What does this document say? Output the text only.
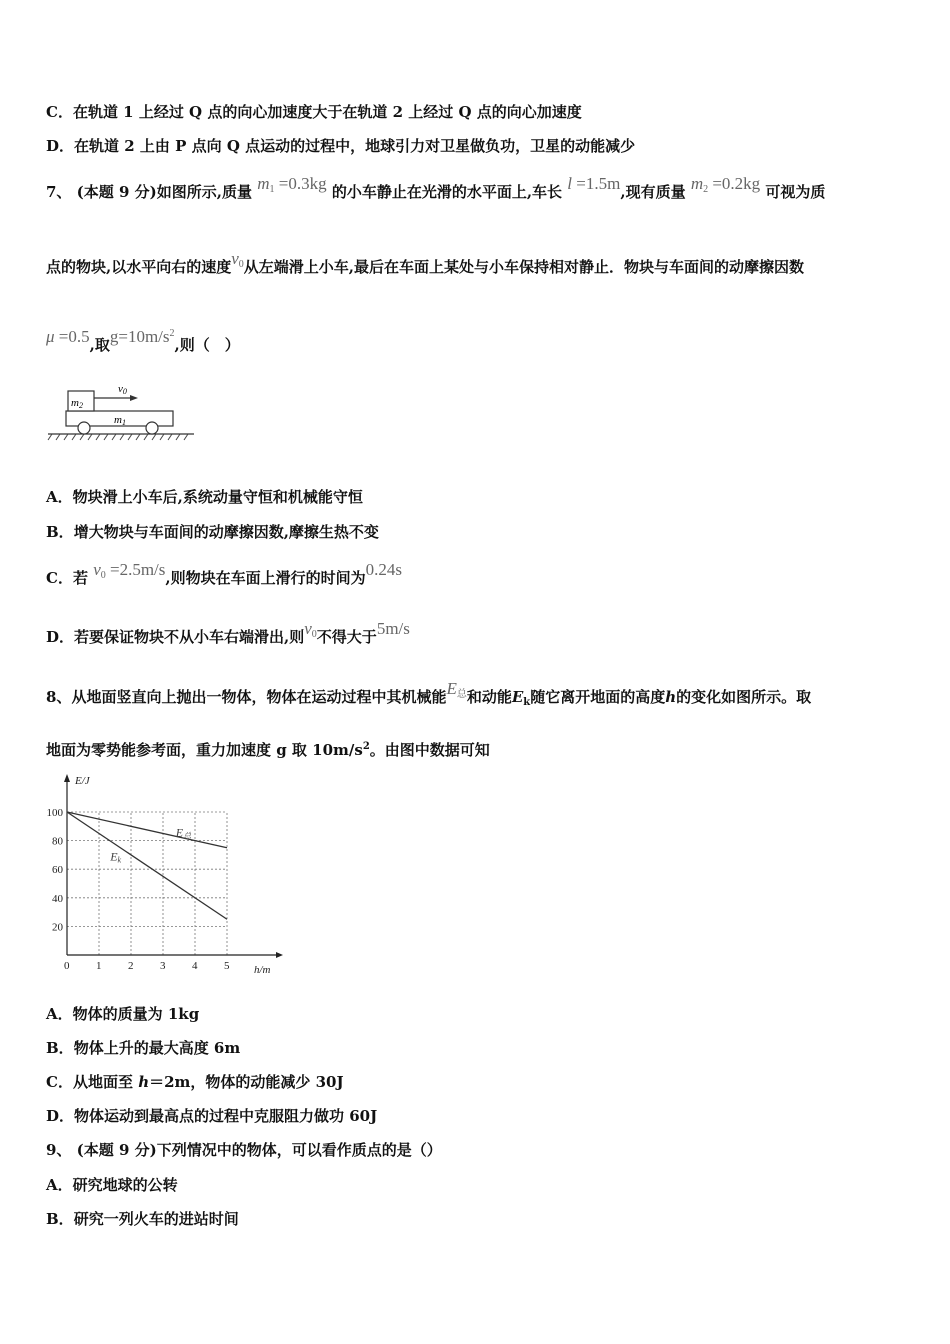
C．在轨道 1 上经过 Q 点的向心加速度大于在轨道 2 上经过 Q 点的向心加速度
D．在轨道 2 上由 P 点向 Q 点运动的过程中，地球引力对卫星做负功，卫星的动能减少
7、 (本题 9 分)如图所示,质量 $m_1 =0.3kg$ 的小车静止在光滑的水平面上,车长 l =1.5m,现有质量 $m_2 =0.2kg$ 可视为质
点的物块,以水平向右的速度$v_0$从左端滑上小车,最后在车面上某处与小车保持相对静止．物块与车面间的动摩擦因数
μ =0.5,取$g=10m/s^2$,则（　）
m2
m1
v0
A．物块滑上小车后,系统动量守恒和机械能守恒
B．增大物块与车面间的动摩擦因数,摩擦生热不变
C．若 $v_0 =2.5m/s$,则物块在车面上滑行的时间为0.24s
D．若要保证物块不从小车右端滑出,则$v_0$不得大于5m/s
8、从地面竖直向上抛出一物体，物体在运动过程中其机械能$E_总$和动能$E_k$随它离开地面的高度h的变化如图所示。取
地面为零势能参考面，重力加速度 g 取 $10m/s^2$。由图中数据可知
0 1 2 3 4 5
20
40
60
80
100
E/J
h/m
E总
Ek
A．物体的质量为 1kg
B．物体上升的最大高度 6m
C．从地面至 h＝2m，物体的动能减少 30J
D．物体运动到最高点的过程中克服阻力做功 60J
9、 (本题 9 分)下列情况中的物体，可以看作质点的是（）
A．研究地球的公转
B．研究一列火车的进站时间
